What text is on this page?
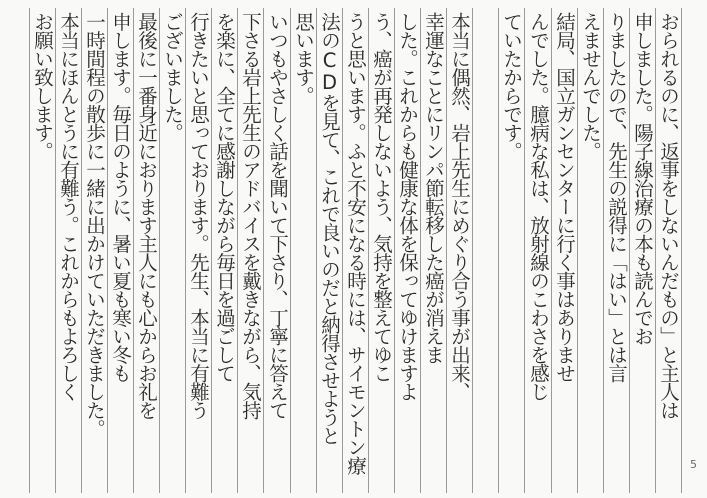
おられるのに、返事をしないんだもの」と主人は
申しました。陽子線治療の本も読んでお
りましたので、先生の説得に「はい」とは言
えませんでした。
結局、国立ガンセンターに行く事はありませ
んでした。臆病な私は、放射線のこわさを感じ
ていたからです。
本当に偶然、岩上先生にめぐり合う事が出来、
幸運なことにリンパ節転移した癌が消えま
した。これからも健康な体を保ってゆけますよ
う、癌が再発しないよう、気持を整えてゆこ
うと思います。ふと不安になる時には、サイモントン療
法のCDを見て、これで良いのだと納得させようと
思います。
いつもやさしく話を聞いて下さり、丁寧に答えて
下さる岩上先生のアドバイスを戴きながら、気持
を楽に、全てに感謝しながら毎日を過ごして
行きたいと思っております。先生、本当に有難う
ございました。
最後に一番身近におります主人にも心からお礼を
申します。毎日のように、暑い夏も寒い冬も
一時間程の散歩に一緒に出かけていただきました。
本当にほんとうに有難う。これからもよろしく
お願い致します。
5
